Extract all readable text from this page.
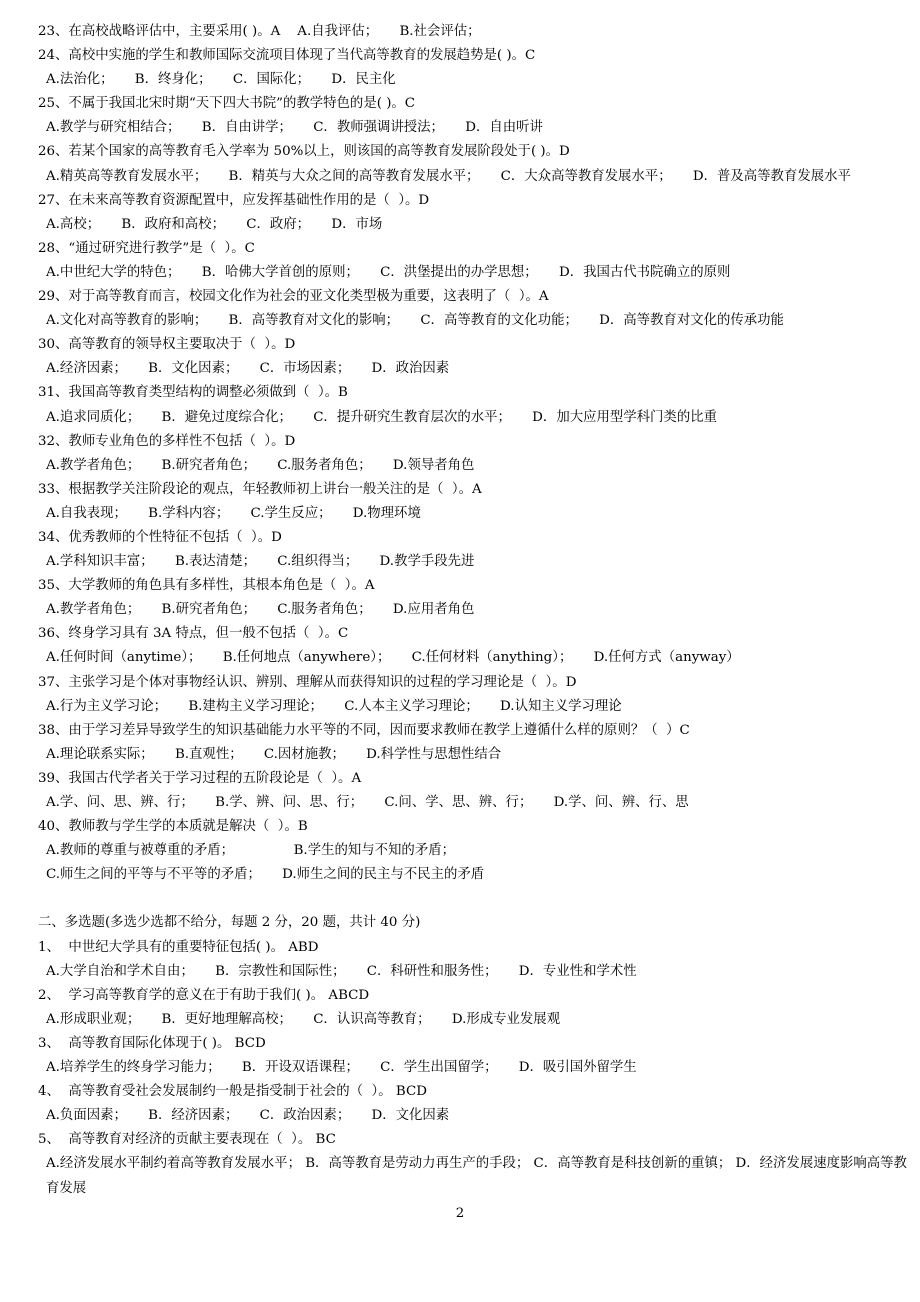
23、在高校战略评估中，主要采用( )。A    A.自我评估；     B.社会评估；
24、高校中实施的学生和教师国际交流项目体现了当代高等教育的发展趋势是( )。C
A.法治化；     B．终身化；     C．国际化；     D．民主化
25、不属于我国北宋时期“天下四大书院”的教学特色的是( )。C
A.教学与研究相结合；     B．自由讲学；     C．教师强调讲授法；     D．自由听讲
26、若某个国家的高等教育毛入学率为 50%以上，则该国的高等教育发展阶段处于( )。D
A.精英高等教育发展水平；     B．精英与大众之间的高等教育发展水平；     C．大众高等教育发展水平；     D．普及高等教育发展水平
27、在未来高等教育资源配置中，应发挥基础性作用的是（  ）。D
A.高校；     B．政府和高校；     C．政府；     D．市场
28、“通过研究进行教学”是（  ）。C
A.中世纪大学的特色；     B．哈佛大学首创的原则；     C．洪堡提出的办学思想；     D．我国古代书院确立的原则
29、对于高等教育而言，校园文化作为社会的亚文化类型极为重要，这表明了（  ）。A
A.文化对高等教育的影响；     B．高等教育对文化的影响；     C．高等教育的文化功能；     D．高等教育对文化的传承功能
30、高等教育的领导权主要取决于（  ）。D
A.经济因素；     B．文化因素；     C．市场因素；     D．政治因素
31、我国高等教育类型结构的调整必须做到（  ）。B
A.追求同质化；     B．避免过度综合化；     C．提升研究生教育层次的水平；     D．加大应用型学科门类的比重
32、教师专业角色的多样性不包括（  ）。D
A.教学者角色；     B.研究者角色；     C.服务者角色；     D.领导者角色
33、根据教学关注阶段论的观点，年轻教师初上讲台一般关注的是（  ）。A
A.自我表现；     B.学科内容；     C.学生反应；     D.物理环境
34、优秀教师的个性特征不包括（  ）。D
A.学科知识丰富；     B.表达清楚；     C.组织得当；     D.教学手段先进
35、大学教师的角色具有多样性，其根本角色是（  ）。A
A.教学者角色；     B.研究者角色；     C.服务者角色；     D.应用者角色
36、终身学习具有 3A 特点，但一般不包括（  ）。C
A.任何时间（anytime）；     B.任何地点（anywhere）；     C.任何材料（anything）；     D.任何方式（anyway）
37、主张学习是个体对事物经认识、辨别、理解从而获得知识的过程的学习理论是（  ）。D
A.行为主义学习论；     B.建构主义学习理论；     C.人本主义学习理论；     D.认知主义学习理论
38、由于学习差异导致学生的知识基础能力水平等的不同，因而要求教师在教学上遵循什么样的原则？（  ）C
A.理论联系实际；     B.直观性；     C.因材施教；     D.科学性与思想性结合
39、我国古代学者关于学习过程的五阶段论是（  ）。A
A.学、问、思、辨、行；     B.学、辨、问、思、行；     C.问、学、思、辨、行；     D.学、问、辨、行、思
40、教师教与学生学的本质就是解决（  ）。B
A.教师的尊重与被尊重的矛盾；              B.学生的知与不知的矛盾；
C.师生之间的平等与不平等的矛盾；     D.师生之间的民主与不民主的矛盾
二、多选题(多选少选都不给分，每题 2 分，20 题，共计 40 分)
1、  中世纪大学具有的重要特征包括( )。 ABD
A.大学自治和学术自由；     B．宗教性和国际性；     C．科研性和服务性；     D．专业性和学术性
2、  学习高等教育学的意义在于有助于我们( )。 ABCD
A.形成职业观；     B．更好地理解高校；     C．认识高等教育；     D.形成专业发展观
3、  高等教育国际化体现于( )。 BCD
A.培养学生的终身学习能力；     B．开设双语课程；     C．学生出国留学；     D．吸引国外留学生
4、  高等教育受社会发展制约一般是指受制于社会的（  ）。 BCD
A.负面因素；     B．经济因素；     C．政治因素；     D．文化因素
5、  高等教育对经济的贡献主要表现在（  ）。 BC
A.经济发展水平制约着高等教育发展水平； B．高等教育是劳动力再生产的手段； C．高等教育是科技创新的重镇； D．经济发展速度影响高等教育发展
2
